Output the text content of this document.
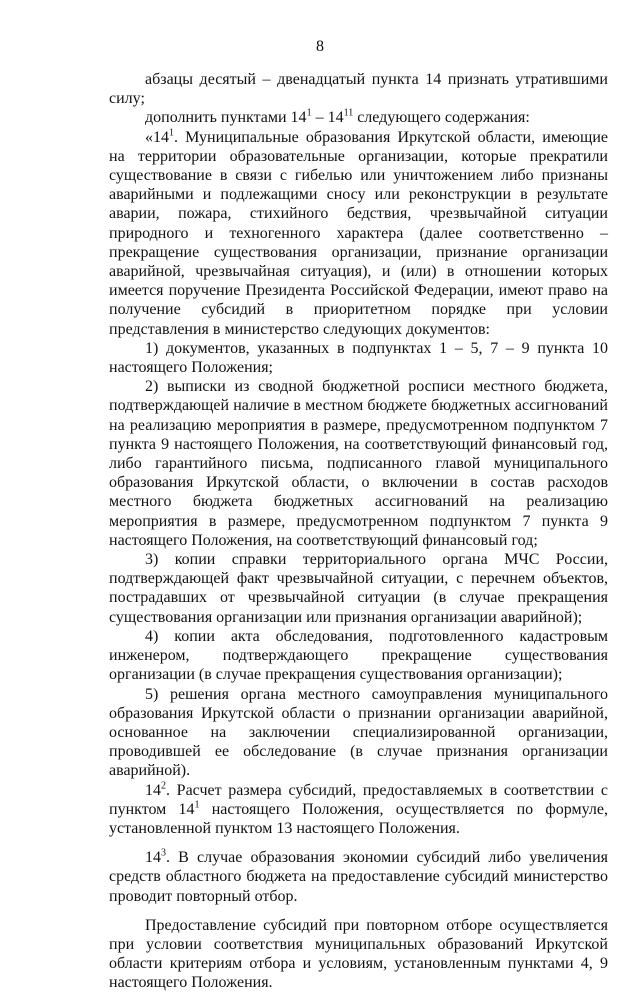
8

абзацы десятый – двенадцатый пункта 14 признать утратившими силу;

дополнить пунктами $14^1 - 14^{11}$ следующего содержания:

«$14^1$. Муниципальные образования Иркутской области, имеющие на территории образовательные организации, которые прекратили существование в связи с гибелью или уничтожением либо признаны аварийными и подлежащими сносу или реконструкции в результате аварии, пожара, стихийного бедствия, чрезвычайной ситуации природного и техногенного характера (далее соответственно – прекращение существования организации, признание организации аварийной, чрезвычайная ситуация), и (или) в отношении которых имеется поручение Президента Российской Федерации, имеют право на получение субсидий в приоритетном порядке при условии представления в министерство следующих документов:

1) документов, указанных в подпунктах 1 – 5, 7 – 9 пункта 10 настоящего Положения;

2) выписки из сводной бюджетной росписи местного бюджета, подтверждающей наличие в местном бюджете бюджетных ассигнований на реализацию мероприятия в размере, предусмотренном подпунктом 7 пункта 9 настоящего Положения, на соответствующий финансовый год, либо гарантийного письма, подписанного главой муниципального образования Иркутской области, о включении в состав расходов местного бюджета бюджетных ассигнований на реализацию мероприятия в размере, предусмотренном подпунктом 7 пункта 9 настоящего Положения, на соответствующий финансовый год;

3) копии справки территориального органа МЧС России, подтверждающей факт чрезвычайной ситуации, с перечнем объектов, пострадавших от чрезвычайной ситуации (в случае прекращения существования организации или признания организации аварийной);

4) копии акта обследования, подготовленного кадастровым инженером, подтверждающего прекращение существования организации (в случае прекращения существования организации);

5) решения органа местного самоуправления муниципального образования Иркутской области о признании организации аварийной, основанное на заключении специализированной организации, проводившей ее обследование (в случае признания организации аварийной).

$14^2$. Расчет размера субсидий, предоставляемых в соответствии с пунктом $14^1$ настоящего Положения, осуществляется по формуле, установленной пунктом 13 настоящего Положения.

$14^3$. В случае образования экономии субсидий либо увеличения средств областного бюджета на предоставление субсидий министерство проводит повторный отбор.

Предоставление субсидий при повторном отборе осуществляется при условии соответствия муниципальных образований Иркутской области критериям отбора и условиям, установленным пунктами 4, 9 настоящего Положения.
